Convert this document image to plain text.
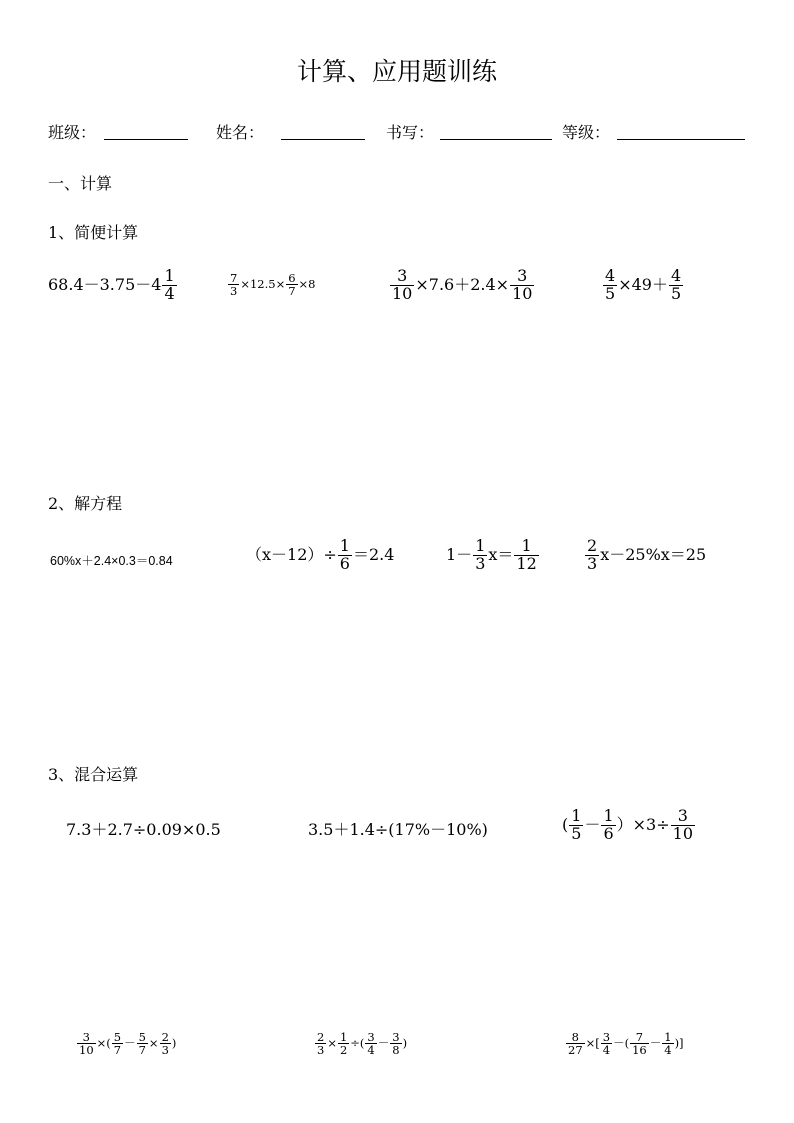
计算、应用题训练
班级：	姓名：	书写：	等级：
一、计算
1、简便计算
$68.4-3.75-4 \frac{1}{4}$	$\frac{7}{3} \times 12.5\times \frac{6}{7} \times 8$	$\frac{3}{10} \times 7.6+2.4\times \frac{3}{10}$	$\frac{4}{5} \times 49+ \frac{4}{5}$
2、解方程
60%x＋2.4×0.3＝0.84	$(x-12)\div \frac{1}{6} =2.4$	$1- \frac{1}{3} x= \frac{1}{12}$	$\frac{2}{3} x-25\%x=25$
3、混合运算
7.3＋2.7÷0.09×0.5	3.5＋1.4÷(17%－10%)	( $\frac{1}{5} - \frac{1}{6} )\times 3\div \frac{3}{10}$
$\frac{3}{10}$ ×( $\frac{5}{7} - \frac{5}{7} \times \frac{2}{3}$ )	$\frac{2}{3} \times \frac{1}{2}$ ÷( $\frac{3}{4} - \frac{3}{8}$ )	$\frac{8}{27}$ ×[ $\frac{3}{4}$ －( $\frac{7}{16} - \frac{1}{4}$ )]
